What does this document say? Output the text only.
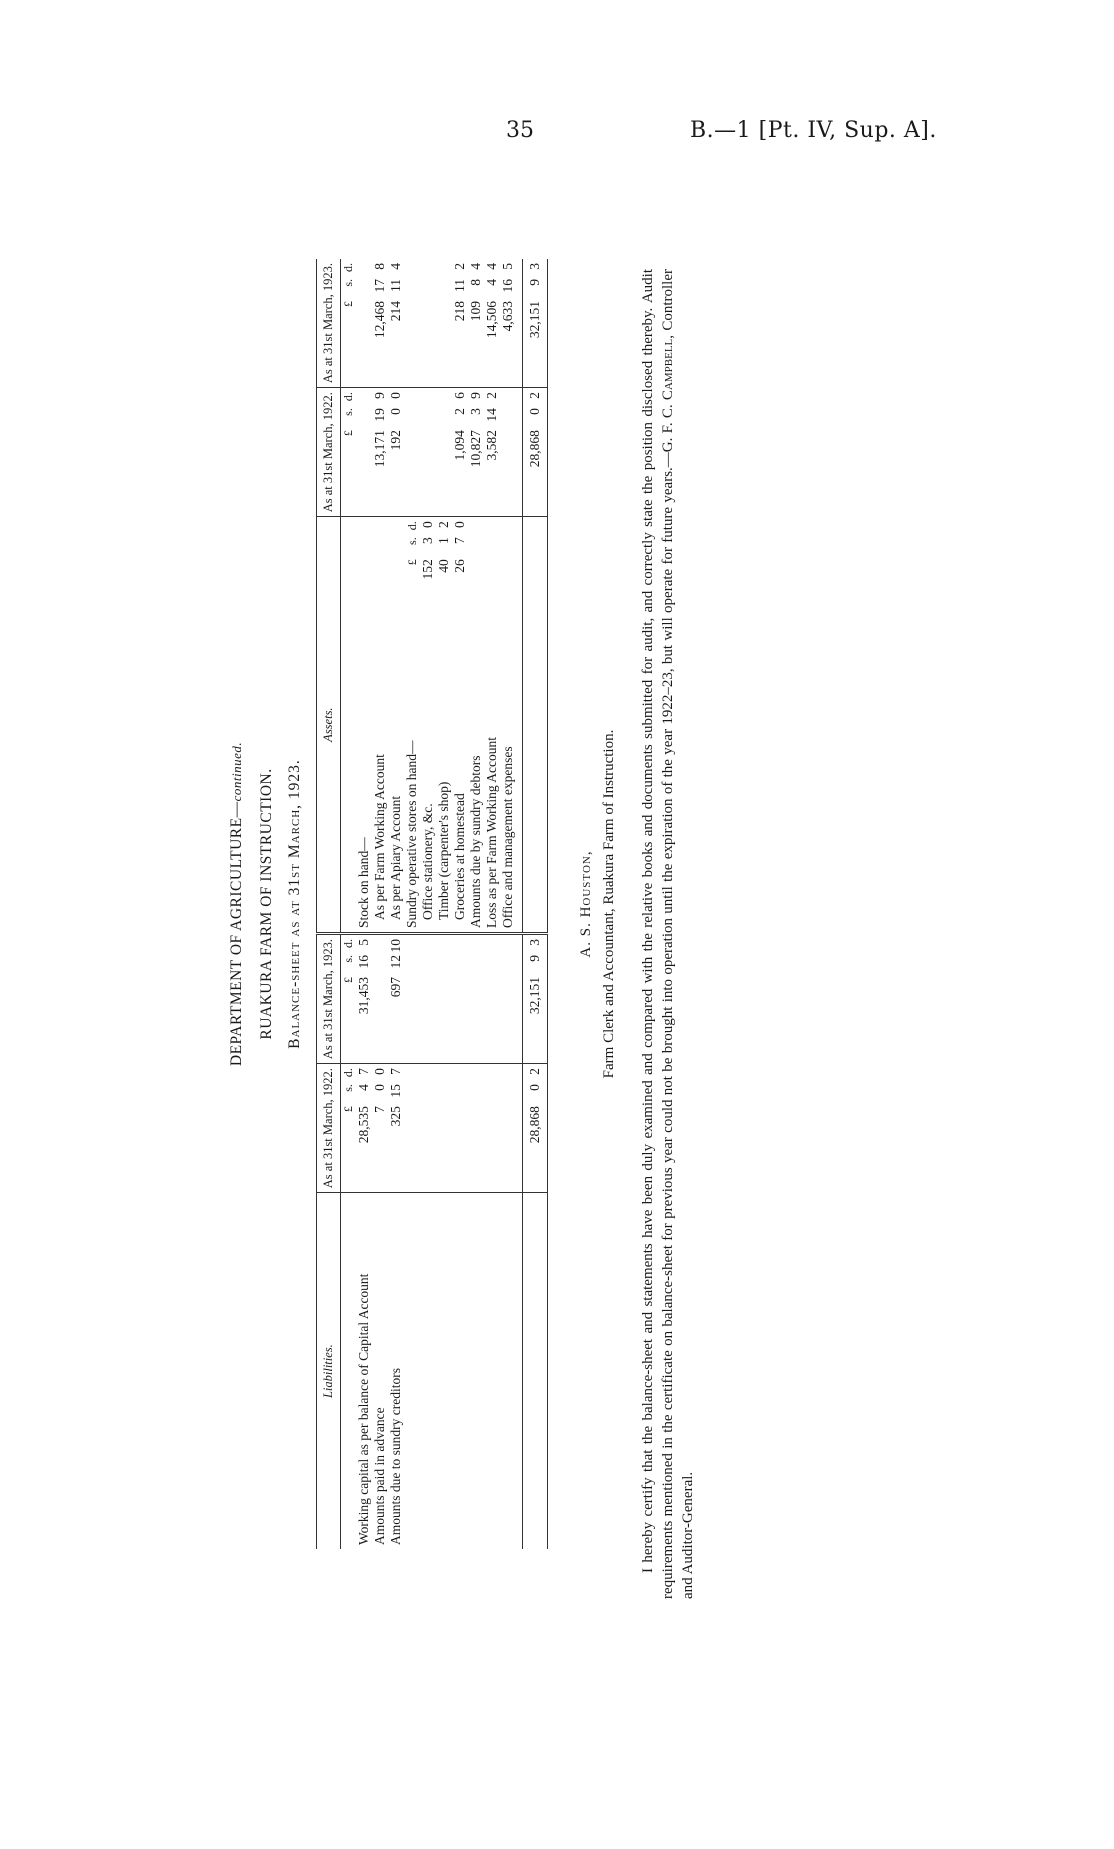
35	B.—1 [Pt. IV, Sup. A].
DEPARTMENT OF AGRICULTURE—continued. RUAKURA FARM OF INSTRUCTION. Balance-sheet as at 31st March, 1923.
Liabilities.	As at 31st March, 1922.	As at 31st March, 1923.	Assets.		As at 31st March, 1922.	As at 31st March, 1923.
	£s.d.	£s.d.			£s.d.	£s.d.
Working capital as per balance of Capital Account	28,53547	31,453165	Stock on hand—			
Amounts paid in advance	700		As per Farm Working Account		13,171199	12,468178
Amounts due to sundry creditors	325157	6971210	As per Apiary Account		19200	214114
			Sundry operative stores on hand—	£s.d.		
			Office stationery, &c.	15230		
			Timber (carpenter's shop)	4012		
			Groceries at homestead	2670	1,09426	218112
			Amounts due by sundry debtors		10,82739	10984
			Loss as per Farm Working Account		3,582142	14,50644
			Office and management expenses			4,633165

	28,86802	32,15193			28,86802	32,15193
A. S. Houston, Farm Clerk and Accountant, Ruakura Farm of Instruction. I hereby certify that the balance-sheet and statements have been duly examined and compared with the relative books and documents submitted for audit, and correctly state the position disclosed thereby. Audit requirements mentioned in the certificate on balance-sheet for previous year could not be brought into operation until the expiration of the year 1922–23, but will operate for future years.—G. F. C. Campbell, Controller and Auditor-General.
